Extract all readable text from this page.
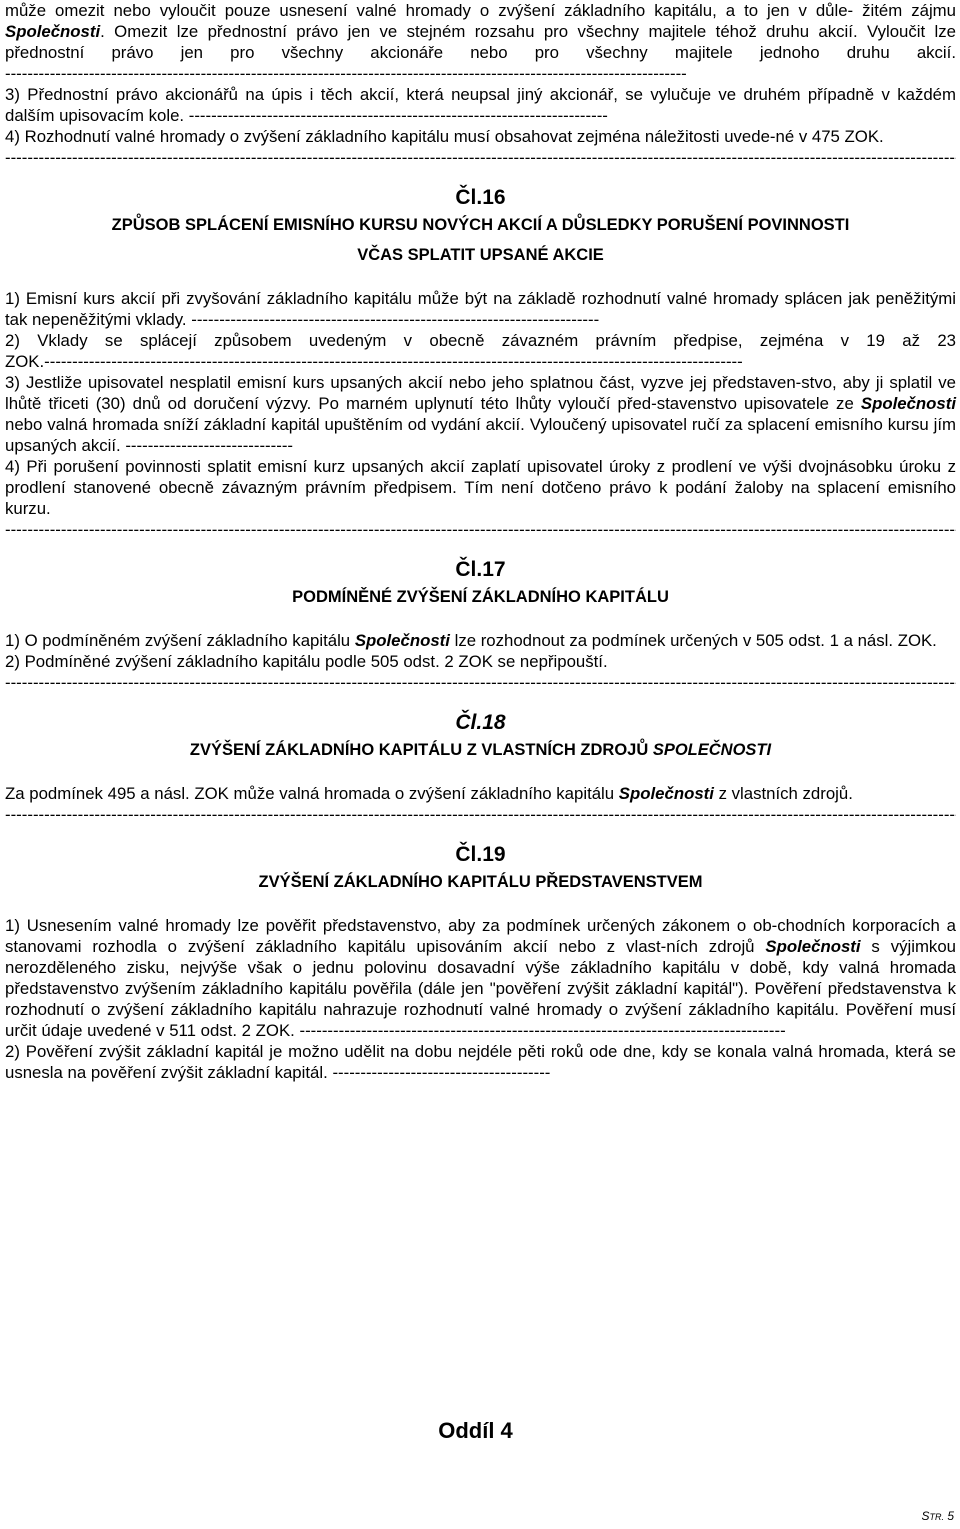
může omezit nebo vyloučit pouze usnesení valné hromady o zvýšení základního kapitálu, a to jen v důle- žitém zájmu Společnosti. Omezit lze přednostní právo jen ve stejném rozsahu pro všechny majitele téhož druhu akcií. Vyloučit lze přednostní právo jen pro všechny akcionáře nebo pro všechny majitele jednoho druhu akcií. --------------------------------------------------------------------------------------------------------------------------

3) Přednostní právo akcionářů na úpis i těch akcií, která neupsal jiný akcionář, se vylučuje ve druhém případně v každém dalším upisovacím kole. ---------------------------------------------------------------------------

4) Rozhodnutí valné hromady o zvýšení základního kapitálu musí obsahovat zejména náležitosti uvede-né v 475 ZOK.

-----
Čl.16
ZPŮSOB SPLÁCENÍ EMISNÍHO KURSU NOVÝCH AKCIÍ A DŮSLEDKY PORUŠENÍ POVINNOSTI
VČAS SPLATIT UPSANÉ AKCIE

1) Emisní kurs akcií při zvyšování základního kapitálu může být na základě rozhodnutí valné hromady splácen jak peněžitými tak nepeněžitými vklady. -------------------------------------------------------------------------

2) Vklady se splácejí způsobem uvedeným v obecně závazném právním předpise, zejména v 19 až 23 ZOK.-----------------------------------------------------------------------------------------------------------------------------

3) Jestliže upisovatel nesplatil emisní kurs upsaných akcií nebo jeho splatnou část, vyzve jej představen-stvo, aby ji splatil ve lhůtě třiceti (30) dnů od doručení výzvy. Po marném uplynutí této lhůty vyloučí před-stavenstvo upisovatele ze Společnosti nebo valná hromada sníží základní kapitál upuštěním od vydání akcií. Vyloučený upisovatel ručí za splacení emisního kursu jím upsaných akcií. ------------------------------

4) Při porušení povinnosti splatit emisní kurz upsaných akcií zaplatí upisovatel úroky z prodlení ve výši dvojnásobku úroku z prodlení stanovené obecně závazným právním předpisem. Tím není dotčeno právo k podání žaloby na splacení emisního kurzu.

-----
Čl.17
PODMÍNĚNÉ ZVÝŠENÍ ZÁKLADNÍHO KAPITÁLU

1) O podmíněném zvýšení základního kapitálu Společnosti lze rozhodnout za podmínek určených v 505 odst. 1 a násl. ZOK.

2) Podmíněné zvýšení základního kapitálu podle 505 odst. 2 ZOK se nepřipouští.

-----
Čl.18
ZVÝŠENÍ ZÁKLADNÍHO KAPITÁLU Z VLASTNÍCH ZDROJŮ SPOLEČNOSTI

Za podmínek 495 a násl. ZOK může valná hromada o zvýšení základního kapitálu Společnosti z vlastních zdrojů.

-----
Čl.19
ZVÝŠENÍ ZÁKLADNÍHO KAPITÁLU PŘEDSTAVENSTVEM

1) Usnesením valné hromady lze pověřit představenstvo, aby za podmínek určených zákonem o ob-chodních korporacích a stanovami rozhodla o zvýšení základního kapitálu upisováním akcií nebo z vlast-ních zdrojů Společnosti s výjimkou nerozděleného zisku, nejvýše však o jednu polovinu dosavadní výše základního kapitálu v době, kdy valná hromada představenstvo zvýšením základního kapitálu pověřila (dále jen "pověření zvýšit základní kapitál"). Pověření představenstva k rozhodnutí o zvýšení základního kapitálu nahrazuje rozhodnutí valné hromady o zvýšení základního kapitálu. Pověření musí určit údaje uvedené v 511 odst. 2 ZOK. ---------------------------------------------------------------------------------------

2) Pověření zvýšit základní kapitál je možno udělit na dobu nejdéle pěti roků ode dne, kdy se konala valná hromada, která se usnesla na pověření zvýšit základní kapitál. ---------------------------------------

Oddíl 4
STR. 5
